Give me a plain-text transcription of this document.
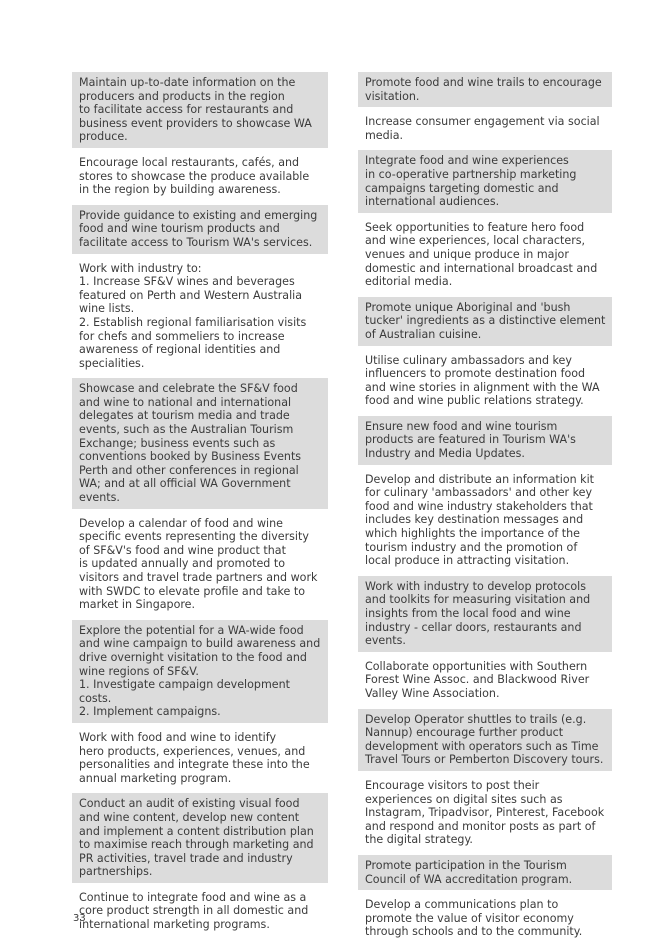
Maintain up-to-date information on the
producers and products in the region
to facilitate access for restaurants and
business event providers to showcase WA
produce.
Encourage local restaurants, cafés, and
stores to showcase the produce available
in the region by building awareness.
Provide guidance to existing and emerging
food and wine tourism products and
facilitate access to Tourism WA's services.
Work with industry to:
1. Increase SF&V wines and beverages
featured on Perth and Western Australia
wine lists.
2. Establish regional familiarisation visits
for chefs and sommeliers to increase
awareness of regional identities and
specialities.
Showcase and celebrate the SF&V food
and wine to national and international
delegates at tourism media and trade
events, such as the Australian Tourism
Exchange; business events such as
conventions booked by Business Events
Perth and other conferences in regional
WA; and at all official WA Government
events.
Develop a calendar of food and wine
specific events representing the diversity
of SF&V's food and wine product that
is updated annually and promoted to
visitors and travel trade partners and work
with SWDC to elevate profile and take to
market in Singapore.
Explore the potential for a WA-wide food
and wine campaign to build awareness and
drive overnight visitation to the food and
wine regions of SF&V.
1. Investigate campaign development costs.
2. Implement campaigns.
Work with food and wine to identify
hero products, experiences, venues, and
personalities and integrate these into the
annual marketing program.
Conduct an audit of existing visual food
and wine content, develop new content
and implement a content distribution plan
to maximise reach through marketing and
PR activities, travel trade and industry
partnerships.
Continue to integrate food and wine as a
core product strength in all domestic and
international marketing programs.
Promote food and wine trails to encourage
visitation.
Increase consumer engagement via social
media.
Integrate food and wine experiences
in co-operative partnership marketing
campaigns targeting domestic and
international audiences.
Seek opportunities to feature hero food
and wine experiences, local characters,
venues and unique produce in major
domestic and international broadcast and
editorial media.
Promote unique Aboriginal and 'bush
tucker' ingredients as a distinctive element
of Australian cuisine.
Utilise culinary ambassadors and key
influencers to promote destination food
and wine stories in alignment with the WA
food and wine public relations strategy.
Ensure new food and wine tourism
products are featured in Tourism WA's
Industry and Media Updates.
Develop and distribute an information kit
for culinary 'ambassadors' and other key
food and wine industry stakeholders that
includes key destination messages and
which highlights the importance of the
tourism industry and the promotion of
local produce in attracting visitation.
Work with industry to develop protocols
and toolkits for measuring visitation and
insights from the local food and wine
industry - cellar doors, restaurants and
events.
Collaborate opportunities with Southern
Forest Wine Assoc. and Blackwood River
Valley Wine Association.
Develop Operator shuttles to trails (e.g.
Nannup) encourage further product
development with operators such as Time
Travel Tours or Pemberton Discovery tours.
Encourage visitors to post their
experiences on digital sites such as
Instagram, Tripadvisor, Pinterest, Facebook
and respond and monitor posts as part of
the digital strategy.
Promote participation in the Tourism
Council of WA accreditation program.
Develop a communications plan to
promote the value of visitor economy
through schools and to the community.
33
